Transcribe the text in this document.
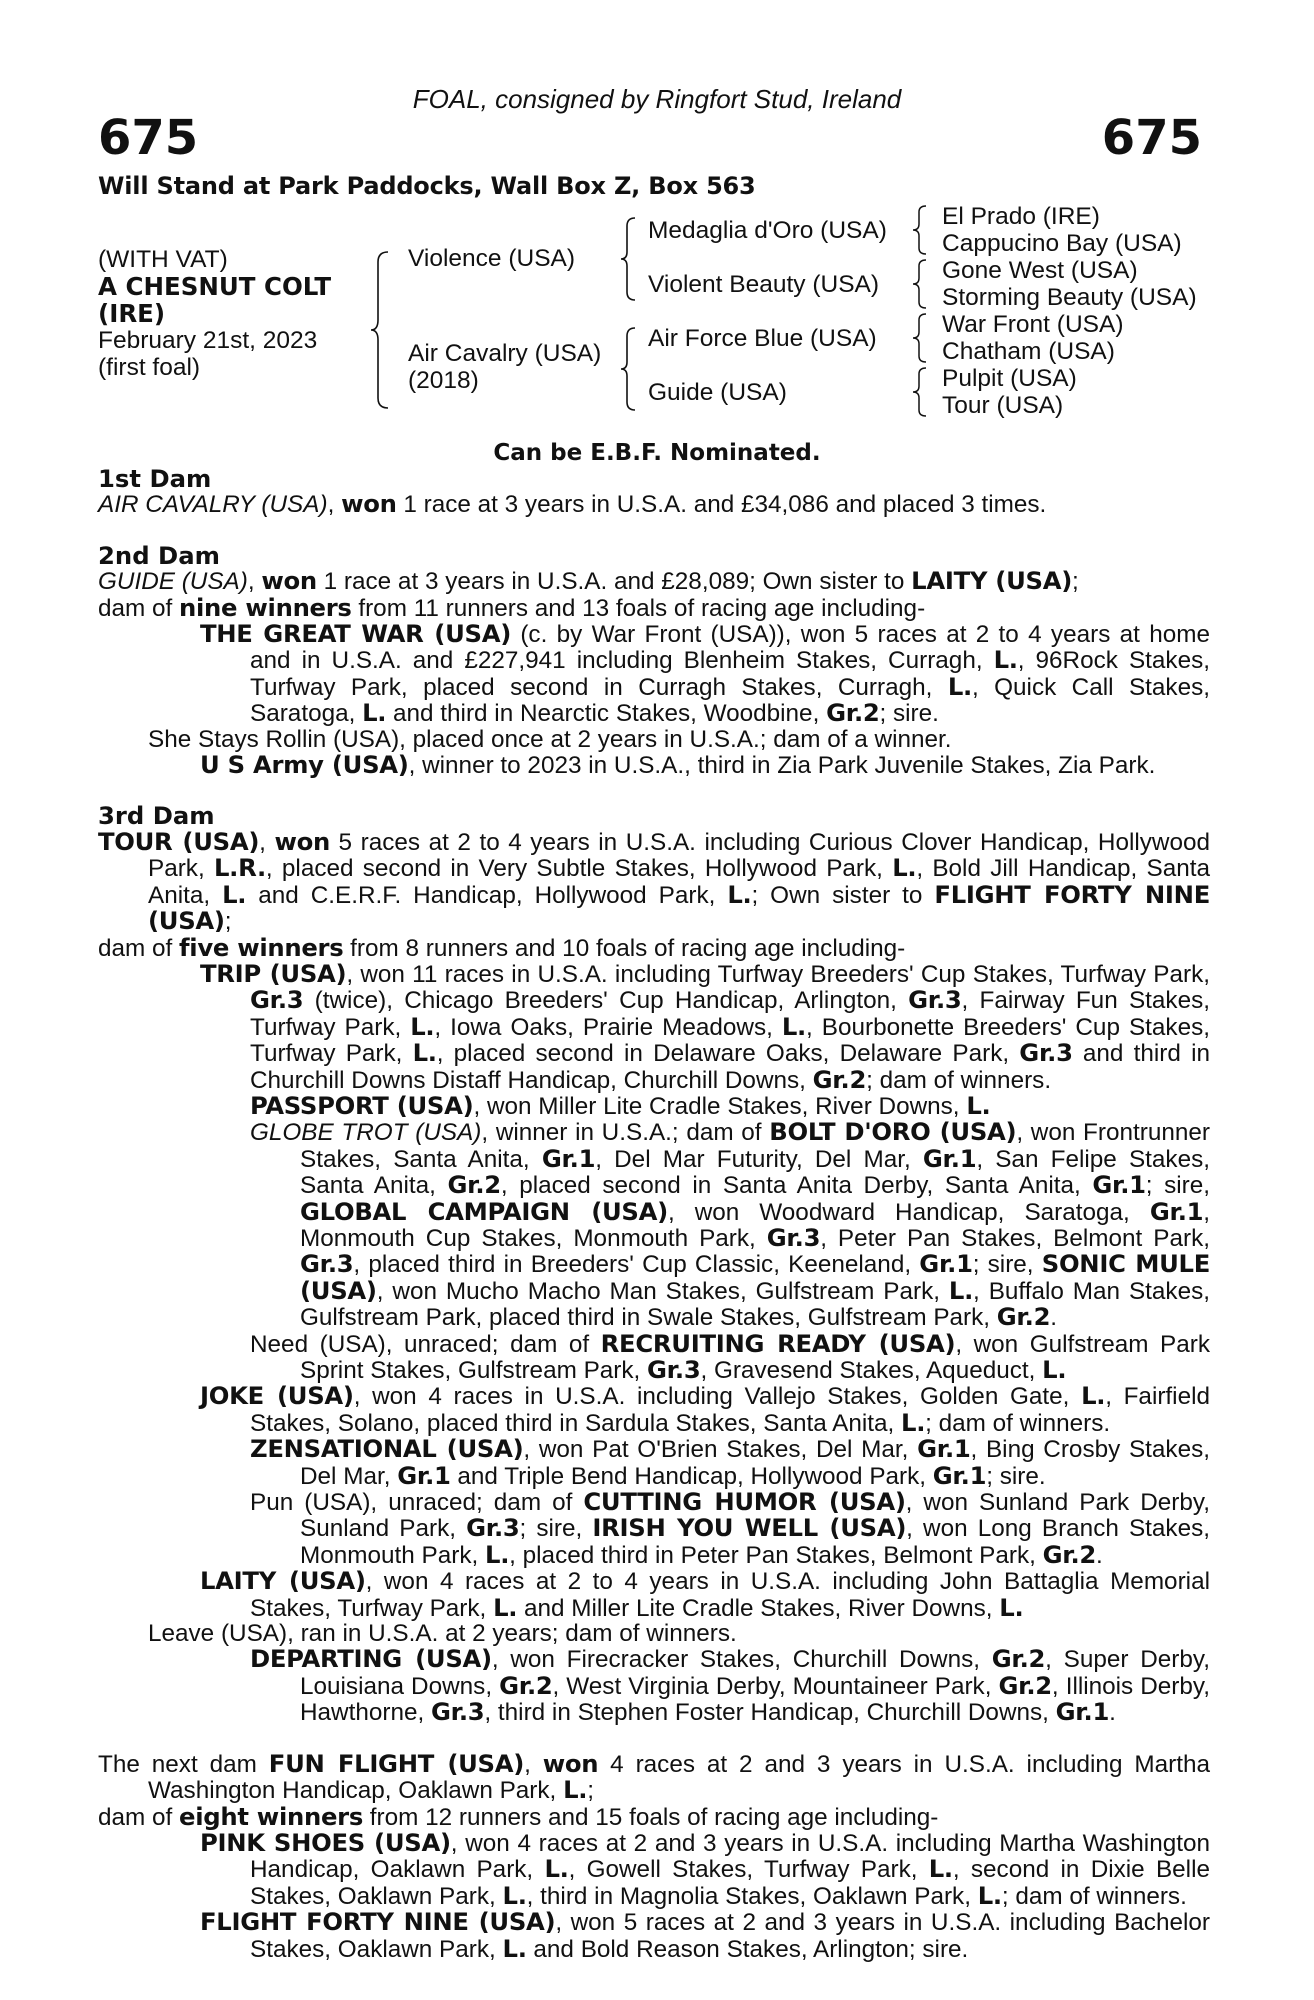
FOAL, consigned by Ringfort Stud, Ireland
675	675
Will Stand at Park Paddocks, Wall Box Z, Box 563
(WITH VAT)
A CHESNUT COLT
(IRE)
February 21st, 2023
(first foal)
Violence (USA)
Air Cavalry (USA)
(2018)
Medaglia d'Oro (USA)
Violent Beauty (USA)
Air Force Blue (USA)
Guide (USA)
El Prado (IRE)
Cappucino Bay (USA)
Gone West (USA)
Storming Beauty (USA)
War Front (USA)
Chatham (USA)
Pulpit (USA)
Tour (USA)
Can be E.B.F. Nominated.

1st Dam

AIR CAVALRY (USA), won 1 race at 3 years in U.S.A. and £34,086 and placed 3 times.

2nd Dam

GUIDE (USA), won 1 race at 3 years in U.S.A. and £28,089; Own sister to LAITY (USA);

dam of nine winners from 11 runners and 13 foals of racing age including-

THE GREAT WAR (USA) (c. by War Front (USA)), won 5 races at 2 to 4 years at home and in U.S.A. and £227,941 including Blenheim Stakes, Curragh, L., 96Rock Stakes, Turfway Park, placed second in Curragh Stakes, Curragh, L., Quick Call Stakes, Saratoga, L. and third in Nearctic Stakes, Woodbine, Gr.2; sire.

She Stays Rollin (USA), placed once at 2 years in U.S.A.; dam of a winner.

U S Army (USA), winner to 2023 in U.S.A., third in Zia Park Juvenile Stakes, Zia Park.

3rd Dam

TOUR (USA), won 5 races at 2 to 4 years in U.S.A. including Curious Clover Handicap, Hollywood Park, L.R., placed second in Very Subtle Stakes, Hollywood Park, L., Bold Jill Handicap, Santa Anita, L. and C.E.R.F. Handicap, Hollywood Park, L.; Own sister to FLIGHT FORTY NINE (USA);

dam of five winners from 8 runners and 10 foals of racing age including-

TRIP (USA), won 11 races in U.S.A. including Turfway Breeders' Cup Stakes, Turfway Park, Gr.3 (twice), Chicago Breeders' Cup Handicap, Arlington, Gr.3, Fairway Fun Stakes, Turfway Park, L., Iowa Oaks, Prairie Meadows, L., Bourbonette Breeders' Cup Stakes, Turfway Park, L., placed second in Delaware Oaks, Delaware Park, Gr.3 and third in Churchill Downs Distaff Handicap, Churchill Downs, Gr.2; dam of winners.

PASSPORT (USA), won Miller Lite Cradle Stakes, River Downs, L.

GLOBE TROT (USA), winner in U.S.A.; dam of BOLT D'ORO (USA), won Frontrunner Stakes, Santa Anita, Gr.1, Del Mar Futurity, Del Mar, Gr.1, San Felipe Stakes, Santa Anita, Gr.2, placed second in Santa Anita Derby, Santa Anita, Gr.1; sire, GLOBAL CAMPAIGN (USA), won Woodward Handicap, Saratoga, Gr.1, Monmouth Cup Stakes, Monmouth Park, Gr.3, Peter Pan Stakes, Belmont Park, Gr.3, placed third in Breeders' Cup Classic, Keeneland, Gr.1; sire, SONIC MULE (USA), won Mucho Macho Man Stakes, Gulfstream Park, L., Buffalo Man Stakes, Gulfstream Park, placed third in Swale Stakes, Gulfstream Park, Gr.2.

Need (USA), unraced; dam of RECRUITING READY (USA), won Gulfstream Park Sprint Stakes, Gulfstream Park, Gr.3, Gravesend Stakes, Aqueduct, L.

JOKE (USA), won 4 races in U.S.A. including Vallejo Stakes, Golden Gate, L., Fairfield Stakes, Solano, placed third in Sardula Stakes, Santa Anita, L.; dam of winners.

ZENSATIONAL (USA), won Pat O'Brien Stakes, Del Mar, Gr.1, Bing Crosby Stakes, Del Mar, Gr.1 and Triple Bend Handicap, Hollywood Park, Gr.1; sire.

Pun (USA), unraced; dam of CUTTING HUMOR (USA), won Sunland Park Derby, Sunland Park, Gr.3; sire, IRISH YOU WELL (USA), won Long Branch Stakes, Monmouth Park, L., placed third in Peter Pan Stakes, Belmont Park, Gr.2.

LAITY (USA), won 4 races at 2 to 4 years in U.S.A. including John Battaglia Memorial Stakes, Turfway Park, L. and Miller Lite Cradle Stakes, River Downs, L.

Leave (USA), ran in U.S.A. at 2 years; dam of winners.

DEPARTING (USA), won Firecracker Stakes, Churchill Downs, Gr.2, Super Derby, Louisiana Downs, Gr.2, West Virginia Derby, Mountaineer Park, Gr.2, Illinois Derby, Hawthorne, Gr.3, third in Stephen Foster Handicap, Churchill Downs, Gr.1.

The next dam FUN FLIGHT (USA), won 4 races at 2 and 3 years in U.S.A. including Martha Washington Handicap, Oaklawn Park, L.;

dam of eight winners from 12 runners and 15 foals of racing age including-

PINK SHOES (USA), won 4 races at 2 and 3 years in U.S.A. including Martha Washington Handicap, Oaklawn Park, L., Gowell Stakes, Turfway Park, L., second in Dixie Belle Stakes, Oaklawn Park, L., third in Magnolia Stakes, Oaklawn Park, L.; dam of winners.

FLIGHT FORTY NINE (USA), won 5 races at 2 and 3 years in U.S.A. including Bachelor Stakes, Oaklawn Park, L. and Bold Reason Stakes, Arlington; sire.
